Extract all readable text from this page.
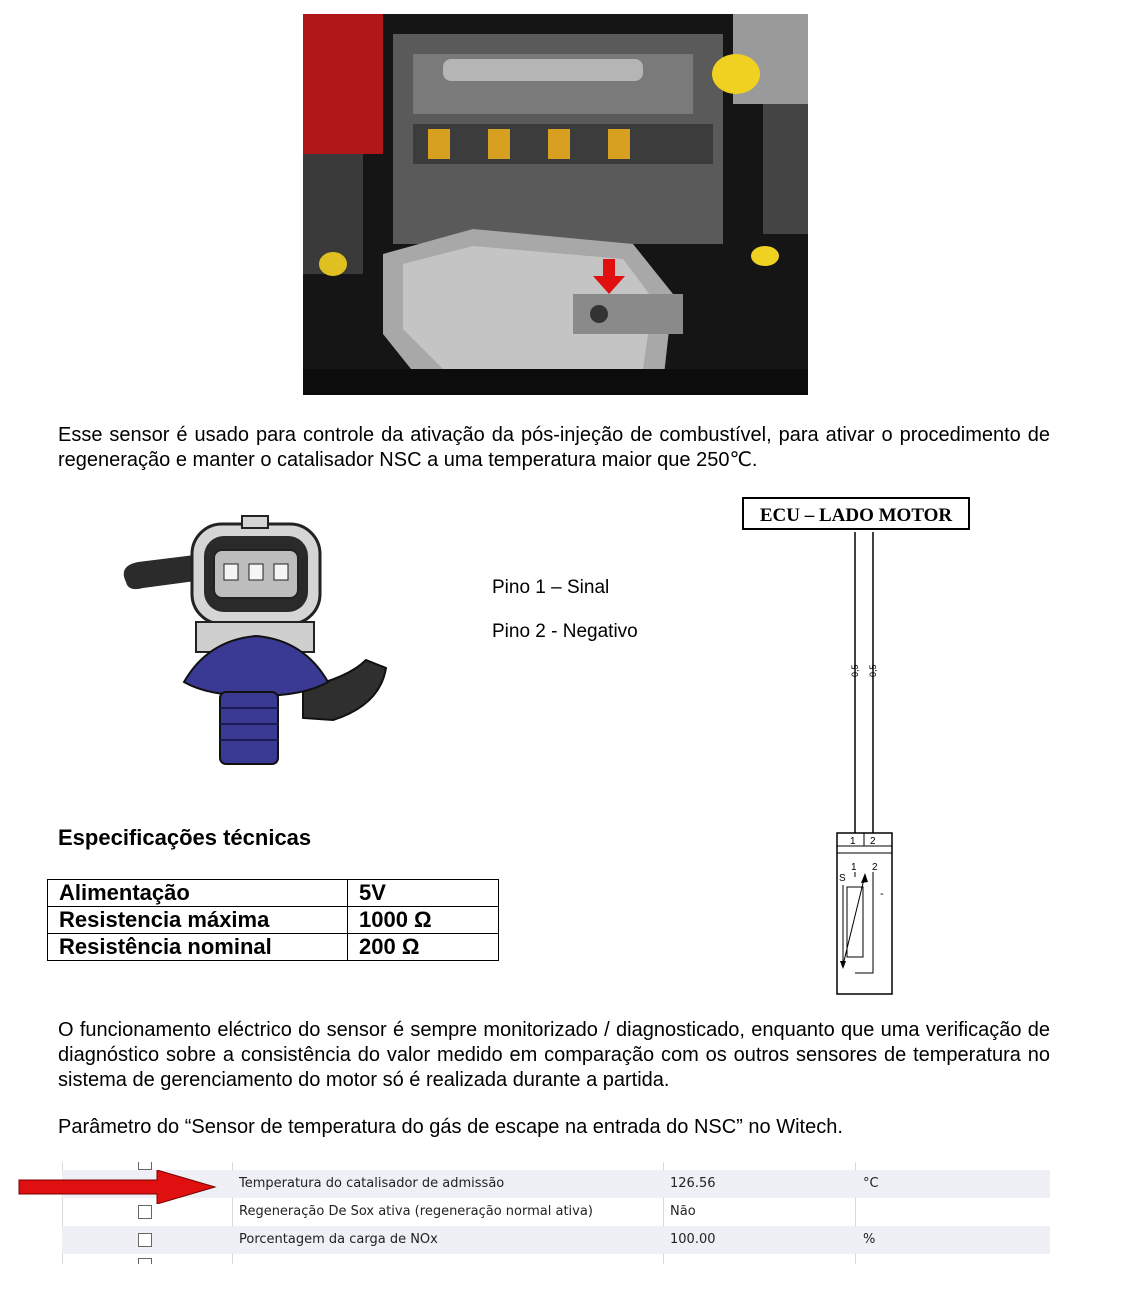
Esse sensor é usado para controle da ativação da pós-injeção de combustível, para ativar o procedimento de regeneração e manter o catalisador NSC a uma temperatura maior que 250℃.

Pino 1 – Sinal
Pino 2 - Negativo
ECU – LADO MOTOR
0,5 0,5
1 2
1 2
S
-
Especificações técnicas
Alimentação	5V
Resistencia máxima	1000 Ω
Resistência nominal	200 Ω

O funcionamento eléctrico do sensor é sempre monitorizado / diagnosticado, enquanto que uma verificação de diagnóstico sobre a consistência do valor medido em comparação com os outros sensores de temperatura no sistema de gerenciamento do motor só é realizada durante a partida.

Parâmetro do “Sensor de temperatura do gás de escape na entrada do NSC” no Witech.

Temperatura do catalisador de admissão	126.56	°C
Regeneração De Sox ativa (regeneração normal ativa)	Não
Porcentagem da carga de NOx	100.00	%
